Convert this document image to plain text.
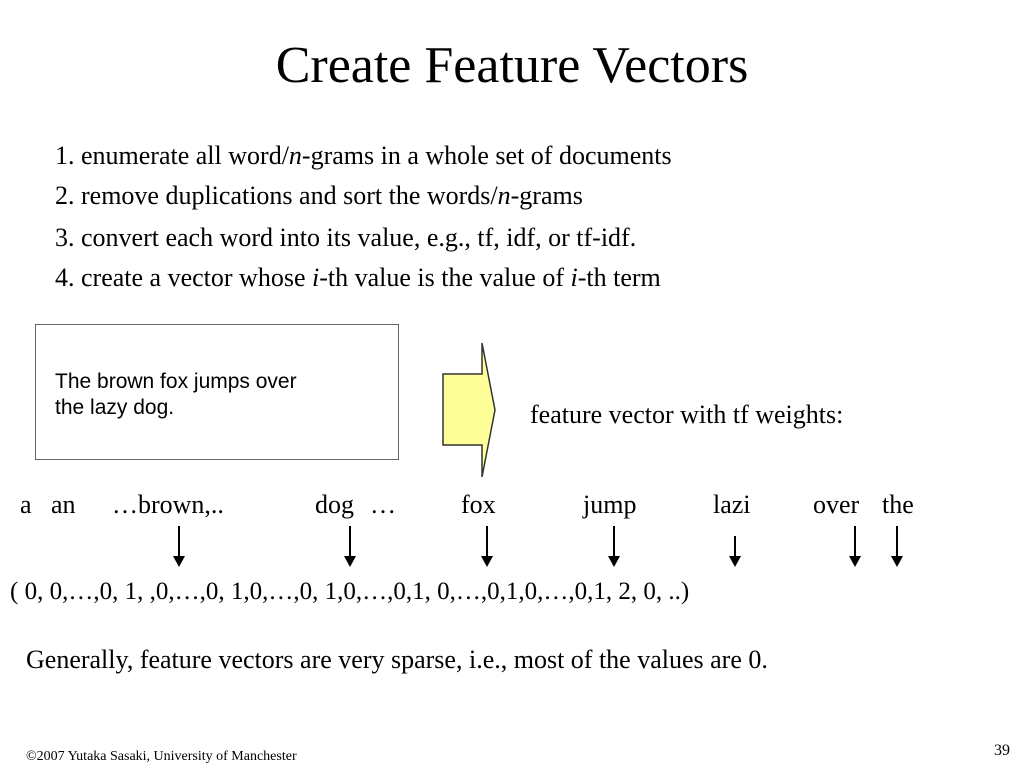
Create Feature Vectors
1. enumerate all word/n-grams in a whole set of documents
2. remove duplications and sort the words/n-grams
3. convert each word into its value, e.g., tf, idf, or tf-idf.
4. create a vector whose i-th value is the value of i-th term
The brown fox jumps over
the lazy dog.	feature vector with tf weights:
a an …brown,..	dog …	fox	jump	lazi over the
( 0, 0,…,0, 1, ,0,…,0, 1,0,…,0, 1,0,…,0,1, 0,…,0,1,0,…,0,1, 2, 0, ..)
Generally, feature vectors are very sparse, i.e., most of the values are 0.
©2007 Yutaka Sasaki, University of Manchester	39
